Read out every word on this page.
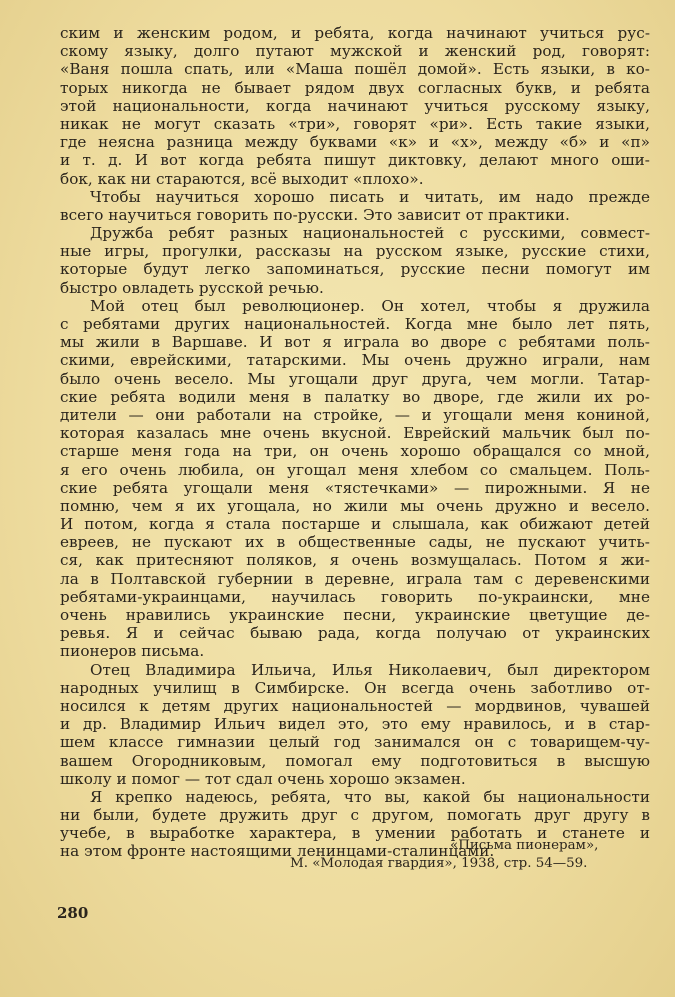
ским и женским родом, и ребята, когда начинают учиться рус-
скому языку, долго путают мужской и женский род, говорят:
«Ваня пошла спать, или «Маша пошёл домой». Есть языки, в ко-
торых никогда не бывает рядом двух согласных букв, и ребята
этой национальности, когда начинают учиться русскому языку,
никак не могут сказать «три», говорят «ри». Есть такие языки,
где неясна разница между буквами «к» и «х», между «б» и «п»
и т. д. И вот когда ребята пишут диктовку, делают много оши-
бок, как ни стараются, всё выходит «плохо».
Чтобы научиться хорошо писать и читать, им надо прежде
всего научиться говорить по-русски. Это зависит от практики.
Дружба ребят разных национальностей с русскими, совмест-
ные игры, прогулки, рассказы на русском языке, русские стихи,
которые будут легко запоминаться, русские песни помогут им
быстро овладеть русской речью.
Мой отец был революционер. Он хотел, чтобы я дружила
с ребятами других национальностей. Когда мне было лет пять,
мы жили в Варшаве. И вот я играла во дворе с ребятами поль-
скими, еврейскими, татарскими. Мы очень дружно играли, нам
было очень весело. Мы угощали друг друга, чем могли. Татар-
ские ребята водили меня в палатку во дворе, где жили их ро-
дители — они работали на стройке, — и угощали меня кониной,
которая казалась мне очень вкусной. Еврейский мальчик был по-
старше меня года на три, он очень хорошо обращался со мной,
я его очень любила, он угощал меня хлебом со смальцем. Поль-
ские ребята угощали меня «тястечками» — пирожными. Я не
помню, чем я их угощала, но жили мы очень дружно и весело.
И потом, когда я стала постарше и слышала, как обижают детей
евреев, не пускают их в общественные сады, не пускают учить-
ся, как притесняют поляков, я очень возмущалась. Потом я жи-
ла в Полтавской губернии в деревне, играла там с деревенскими
ребятами-украинцами, научилась говорить по-украински, мне
очень нравились украинские песни, украинские цветущие де-
ревья. Я и сейчас бываю рада, когда получаю от украинских
пионеров письма.
Отец Владимира Ильича, Илья Николаевич, был директором
народных училищ в Симбирске. Он всегда очень заботливо от-
носился к детям других национальностей — мордвинов, чувашей
и др. Владимир Ильич видел это, это ему нравилось, и в стар-
шем классе гимназии целый год занимался он с товарищем-чу-
вашем Огородниковым, помогал ему подготовиться в высшую
школу и помог — тот сдал очень хорошо экзамен.
Я крепко надеюсь, ребята, что вы, какой бы национальности
ни были, будете дружить друг с другом, помогать друг другу в
учебе, в выработке характера, в умении работать и станете и
на этом фронте настоящими ленинцами-сталинцами.
«Письма пионерам»,
М. «Молодая гвардия», 1938, стр. 54—59.
280
